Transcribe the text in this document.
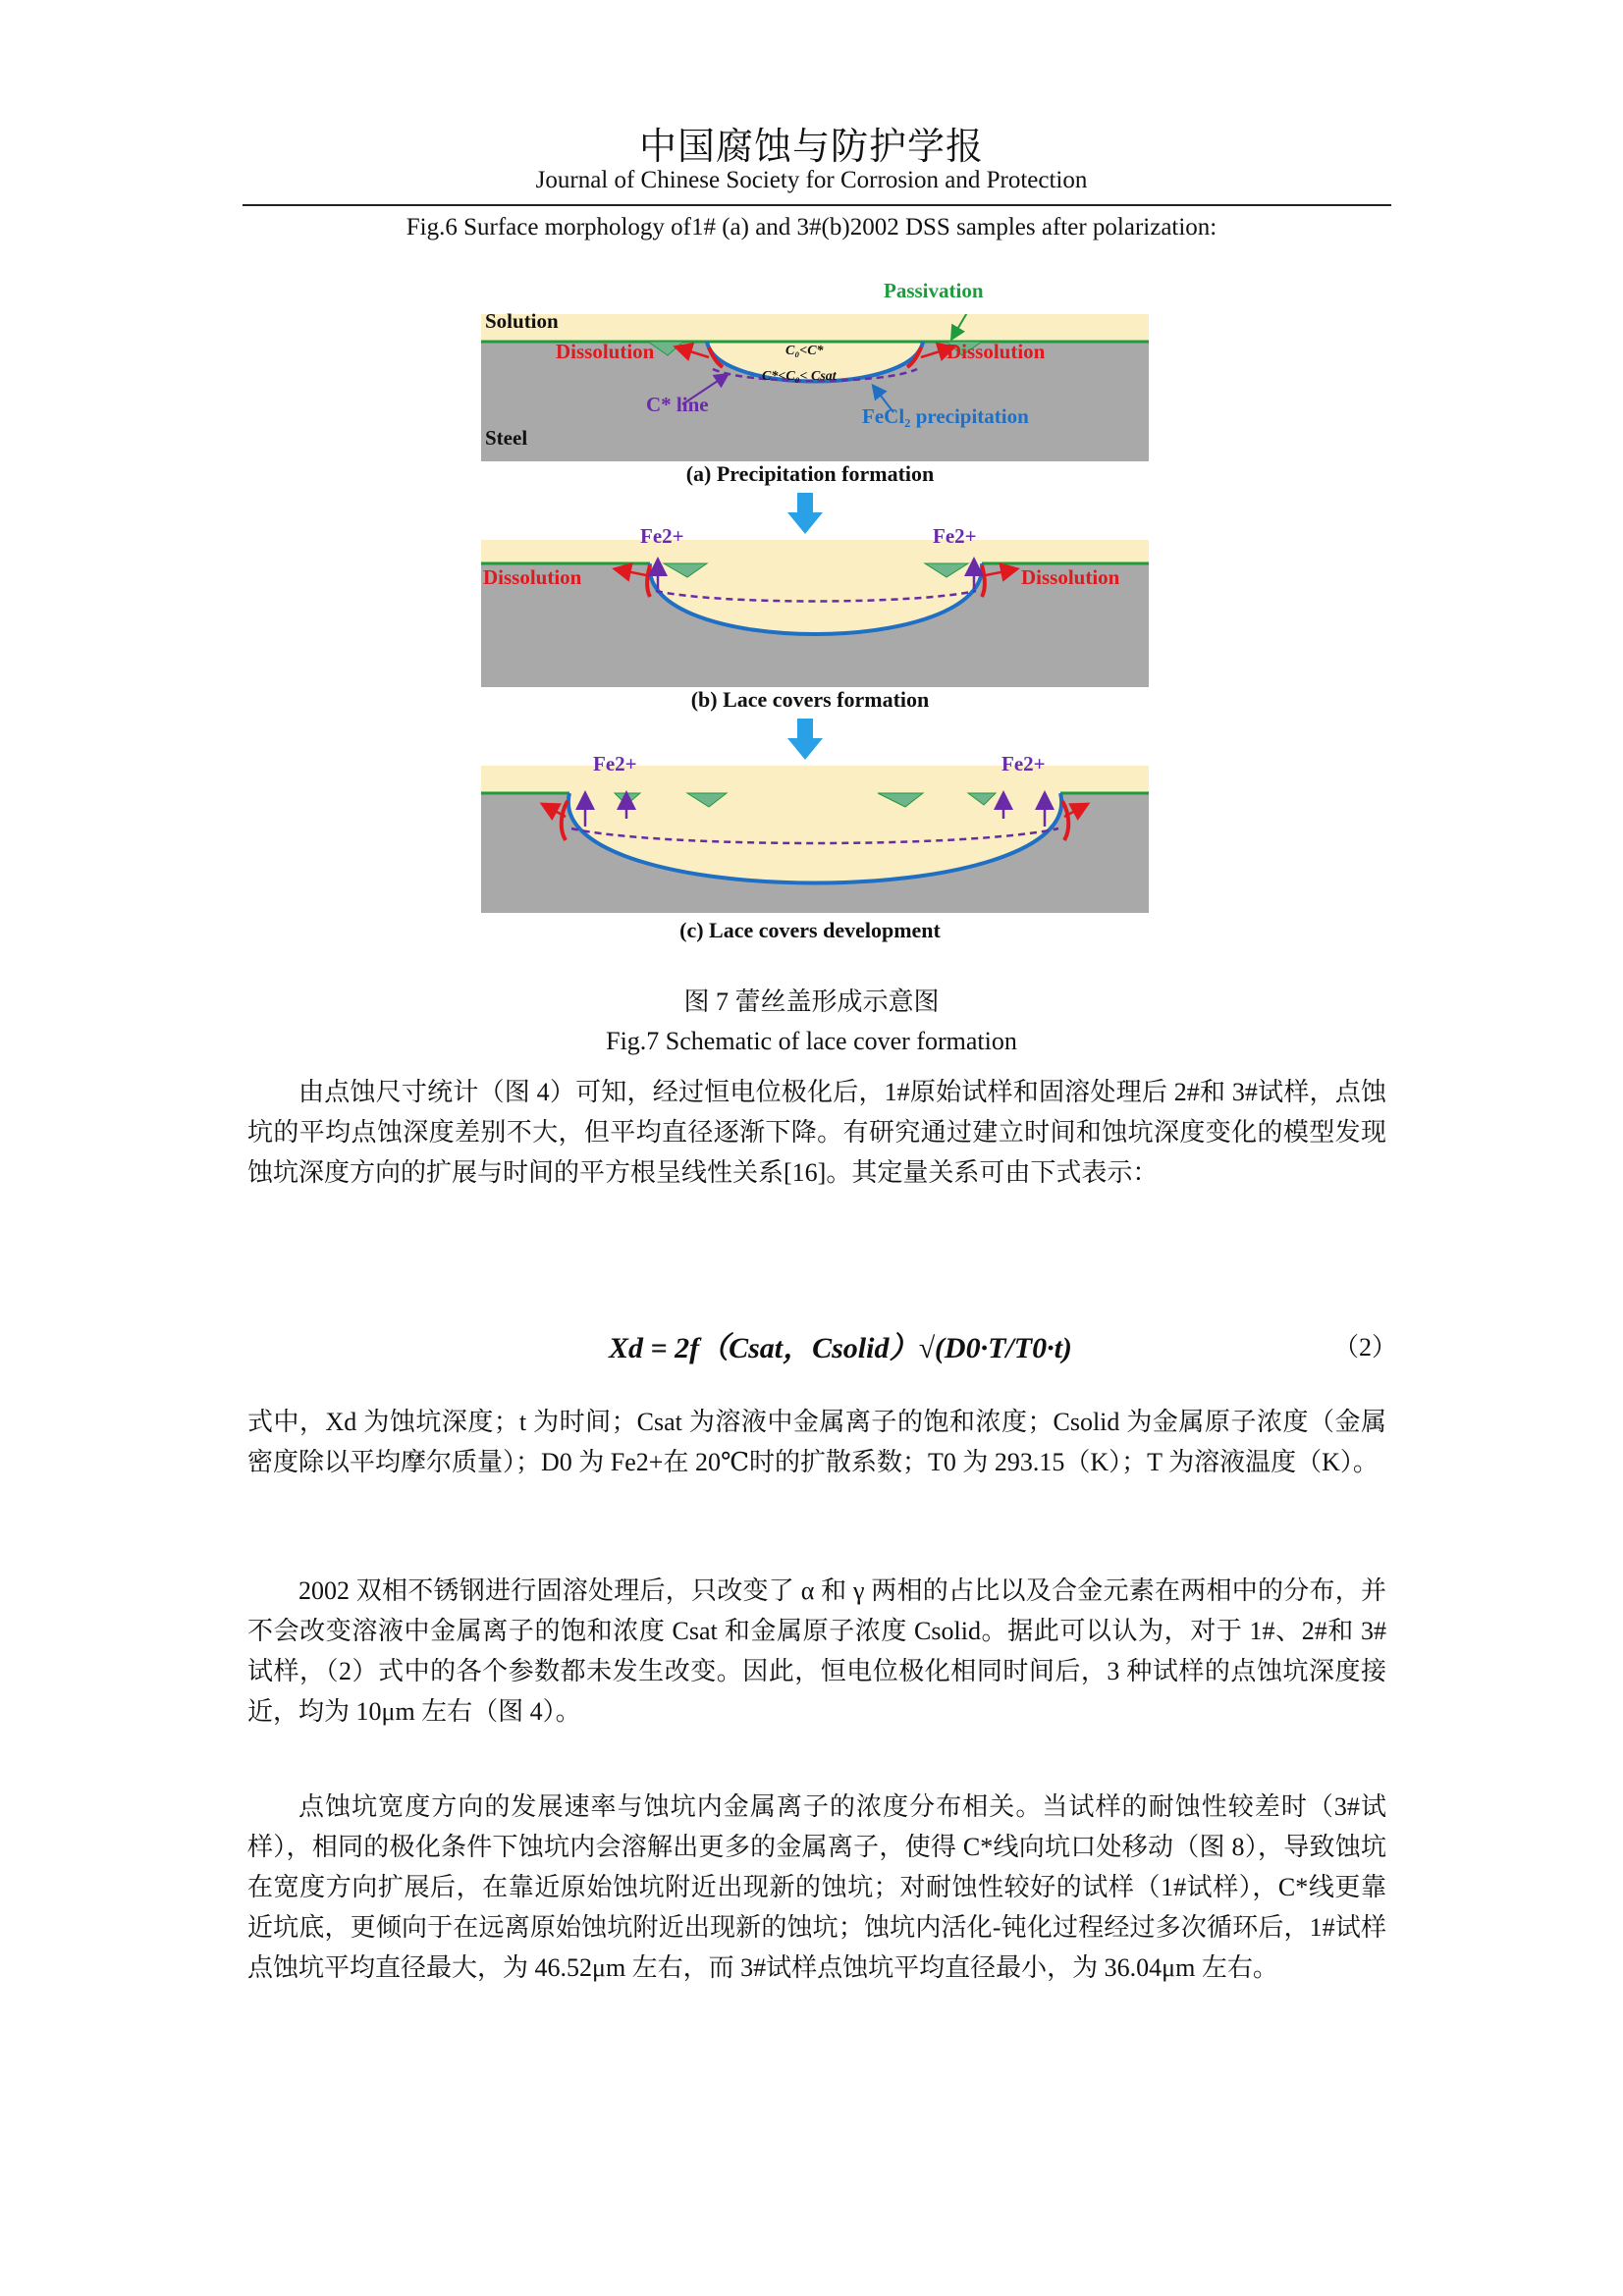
中国腐蚀与防护学报
Journal of Chinese Society for Corrosion and Protection
Fig.6 Surface morphology of1# (a) and 3#(b)2002 DSS samples after polarization:
Solution
Steel
Passivation
Dissolution	Dissolution
C₀<C*
C*<C₀< Csat
C* line	FeCl₂ precipitation
(a) Precipitation formation
Fe2+	Fe2+
Dissolution	Dissolution
(b) Lace covers formation
Fe2+	Fe2+
(c) Lace covers development
图 7 蕾丝盖形成示意图
Fig.7 Schematic of lace cover formation

由点蚀尺寸统计（图 4）可知，经过恒电位极化后，1#原始试样和固溶处理后 2#和 3#试样，点蚀坑的平均点蚀深度差别不大，但平均直径逐渐下降。有研究通过建立时间和蚀坑深度变化的模型发现蚀坑深度方向的扩展与时间的平方根呈线性关系[16]。其定量关系可由下式表示：

Xd = 2f（Csat，Csolid）√(D0·T/T0·t)	（2）

式中，Xd 为蚀坑深度；t 为时间；Csat 为溶液中金属离子的饱和浓度；Csolid 为金属原子浓度（金属密度除以平均摩尔质量）；D0 为 Fe2+在 20℃时的扩散系数；T0 为 293.15（K）；T 为溶液温度（K）。

2002 双相不锈钢进行固溶处理后，只改变了 α 和 γ 两相的占比以及合金元素在两相中的分布，并不会改变溶液中金属离子的饱和浓度 Csat 和金属原子浓度 Csolid。据此可以认为，对于 1#、2#和 3#试样，（2）式中的各个参数都未发生改变。因此，恒电位极化相同时间后，3 种试样的点蚀坑深度接近，均为 10μm 左右（图 4）。

点蚀坑宽度方向的发展速率与蚀坑内金属离子的浓度分布相关。当试样的耐蚀性较差时（3#试样），相同的极化条件下蚀坑内会溶解出更多的金属离子，使得 C*线向坑口处移动（图 8），导致蚀坑在宽度方向扩展后，在靠近原始蚀坑附近出现新的蚀坑；对耐蚀性较好的试样（1#试样），C*线更靠近坑底，更倾向于在远离原始蚀坑附近出现新的蚀坑；蚀坑内活化-钝化过程经过多次循环后，1#试样点蚀坑平均直径最大，为 46.52μm 左右，而 3#试样点蚀坑平均直径最小，为 36.04μm 左右。
